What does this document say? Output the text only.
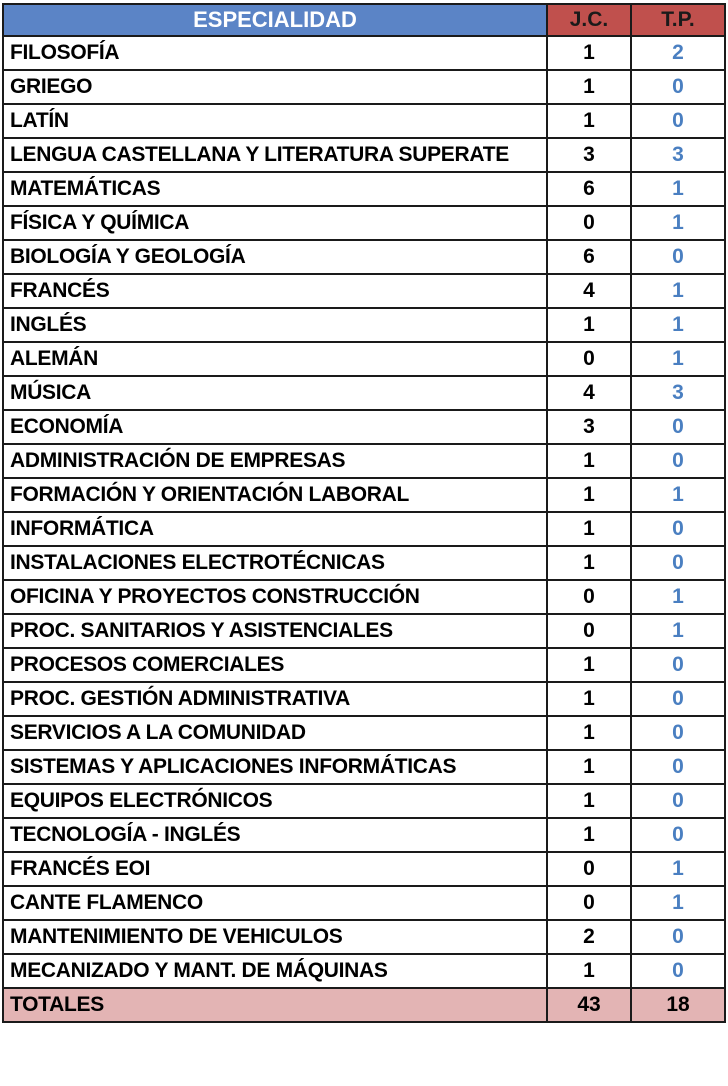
ESPECIALIDAD	J.C.	T.P.
FILOSOFÍA	1	2
GRIEGO	1	0
LATÍN	1	0
LENGUA CASTELLANA Y LITERATURA SUPERATE	3	3
MATEMÁTICAS	6	1
FÍSICA Y QUÍMICA	0	1
BIOLOGÍA Y GEOLOGÍA	6	0
FRANCÉS	4	1
INGLÉS	1	1
ALEMÁN	0	1
MÚSICA	4	3
ECONOMÍA	3	0
ADMINISTRACIÓN DE EMPRESAS	1	0
FORMACIÓN Y ORIENTACIÓN LABORAL	1	1
INFORMÁTICA	1	0
INSTALACIONES ELECTROTÉCNICAS	1	0
OFICINA Y PROYECTOS CONSTRUCCIÓN	0	1
PROC. SANITARIOS Y ASISTENCIALES	0	1
PROCESOS COMERCIALES	1	0
PROC. GESTIÓN ADMINISTRATIVA	1	0
SERVICIOS A LA COMUNIDAD	1	0
SISTEMAS Y APLICACIONES INFORMÁTICAS	1	0
EQUIPOS ELECTRÓNICOS	1	0
TECNOLOGÍA - INGLÉS	1	0
FRANCÉS EOI	0	1
CANTE FLAMENCO	0	1
MANTENIMIENTO DE VEHICULOS	2	0
MECANIZADO Y MANT. DE MÁQUINAS	1	0
TOTALES	43	18
